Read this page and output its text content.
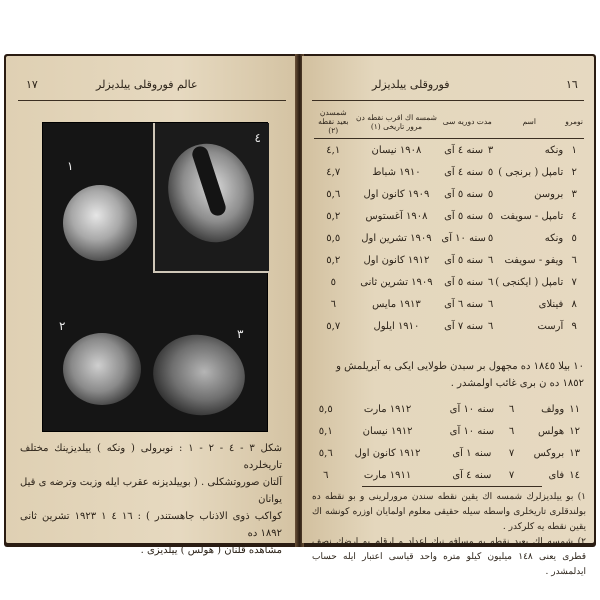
١٧	عالم فوروقلی ییلدیزلر
٤
١
٢
٣

شکل ٣ - ٤ - ٢ - ١ : نوبرولی ( ونکه ) ییلدیزینك مختلف تاریخلرده

آلتان صوروتشکلی . ( بوییلدیزنه عقرب ایله وزبت وترضه ی قیل یوانان

کواکب ذوی الاذناب جاهستندر ) : ١٦ ٤ ١ ١٩٢٣ تشرین ثانی ١٨٩٢ ده

مشاهده قلنان ( هولس ) ییلدیزی .

فوروقلی ییلدیزلر	١٦
نومرو	اسم	مدت دوریه سی		شمسه اك اقرب نقطه دن مرور تاریخی (١)	شمسدن بعید نقطه (٢)
١	ونکه	٣	سنه ٤ آی	١٩٠٨ نیسان	٤,١
٢	تامپل ( برنجی )	٥	سنه ٤ آی	١٩١٠ شباط	٤,٧
٣	بروسن	٥	سنه ٥ آی	١٩٠٩ کانون اول	٥,٦
٤	تامپل - سویفت	٥	سنه ٥ آی	١٩٠٨ آغستوس	٥,٢
٥	ونکه	٥	سنه ١٠ آی	١٩٠٩ تشرین اول	٥,٥
٦	ویفو - سویفت	٦	سنه ٥ آی	١٩١٢ کانون اول	٥,٢
٧	تامپل ( ایکنجی )	٦	سنه ٥ آی	١٩٠٩ تشرین ثانی	٥
٨	فینلای	٦	سنه ٦ آی	١٩١٣ مایس	٦
٩	آرست	٦	سنه ٧ آی	١٩١٠ ایلول	٥,٧
١٠ بیلا ١٨٤٥ ده مجهول بر سبدن طولایی ایکی به آیریلمش و ١٨٥٢ ده ن بری غائب اولمشدر .
١١	وولف	٦	سنه ١٠ آی	١٩١٢ مارت	٥,٥
١٢	هولس	٦	سنه ١٠ آی	١٩١٢ نیسان	٥,١
١٣	بروکس	٧	سنه ١ آی	١٩١٢ کانون اول	٥,٦
١٤	فای	٧	سنه ٤ آی	١٩١١ مارت	٦

١) بو ییلدیزلرك شمسه اك یقین نقطه سندن مرورلرینی و بو نقطه ده بولندقلری تاریخلری واسطه سیله حقیقی معلوم اولمایان اوزره کونشه اك یقین نقطه یه کلرکدر .

٢) شمسه اك بعید نقطه یه مسافه نیك اعداد و ارقام بو ارضك نصف قطری یعنی ١٤٨ میلیون کیلو متره واحد قیاسی اعتبار ایله حساب ایدلمشدر .
